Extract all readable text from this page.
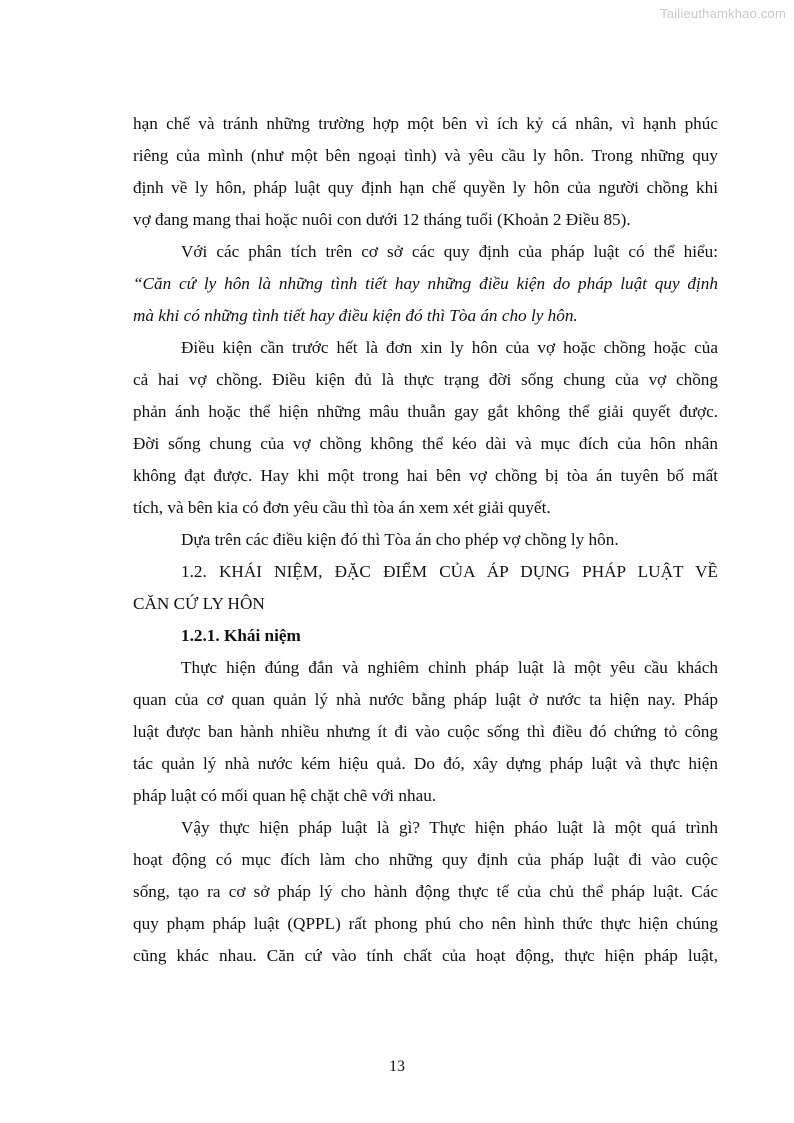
Tailieuthamkhao.com
hạn chế và tránh những trường hợp một bên vì ích kỷ cá nhân, vì hạnh phúc
riêng của mình (như một bên ngoại tình) và yêu cầu ly hôn. Trong những quy
định về ly hôn, pháp luật quy định hạn chế quyền ly hôn của người chồng khi
vợ đang mang thai hoặc nuôi con dưới 12 tháng tuổi (Khoản 2 Điều 85).
Với các phân tích trên cơ sở các quy định của pháp luật có thể hiểu:
“Căn cứ ly hôn là những tình tiết hay những điều kiện do pháp luật quy định
mà khi có những tình tiết hay điều kiện đó thì Tòa án cho ly hôn.
Điều kiện cần trước hết là đơn xin ly hôn của vợ hoặc chồng hoặc của
cả hai vợ chồng. Điều kiện đủ là thực trạng đời sống chung của vợ chồng
phản ánh hoặc thể hiện những mâu thuẫn gay gắt không thể giải quyết được.
Đời sống chung của vợ chồng không thể kéo dài và mục đích của hôn nhân
không đạt được. Hay khi một trong hai bên vợ chồng bị tòa án tuyên bố mất
tích, và bên kia có đơn yêu cầu thì tòa án xem xét giải quyết.
Dựa trên các điều kiện đó thì Tòa án cho phép vợ chồng ly hôn.
1.2. KHÁI NIỆM, ĐẶC ĐIỂM CỦA ÁP DỤNG PHÁP LUẬT VỀ
CĂN CỨ LY HÔN
1.2.1. Khái niệm
Thực hiện đúng đắn và nghiêm chỉnh pháp luật là một yêu cầu khách
quan của cơ quan quản lý nhà nước bằng pháp luật ở nước ta hiện nay. Pháp
luật được ban hành nhiều nhưng ít đi vào cuộc sống thì điều đó chứng tỏ công
tác quản lý nhà nước kém hiệu quả. Do đó, xây dựng pháp luật và thực hiện
pháp luật có mối quan hệ chặt chẽ với nhau.
Vậy thực hiện pháp luật là gì? Thực hiện pháo luật là một quá trình
hoạt động có mục đích làm cho những quy định của pháp luật đi vào cuộc
sống, tạo ra cơ sở pháp lý cho hành động thực tế của chủ thể pháp luật. Các
quy phạm pháp luật (QPPL) rất phong phú cho nên hình thức thực hiện chúng
cũng khác nhau. Căn cứ vào tính chất của hoạt động, thực hiện pháp luật,
13
